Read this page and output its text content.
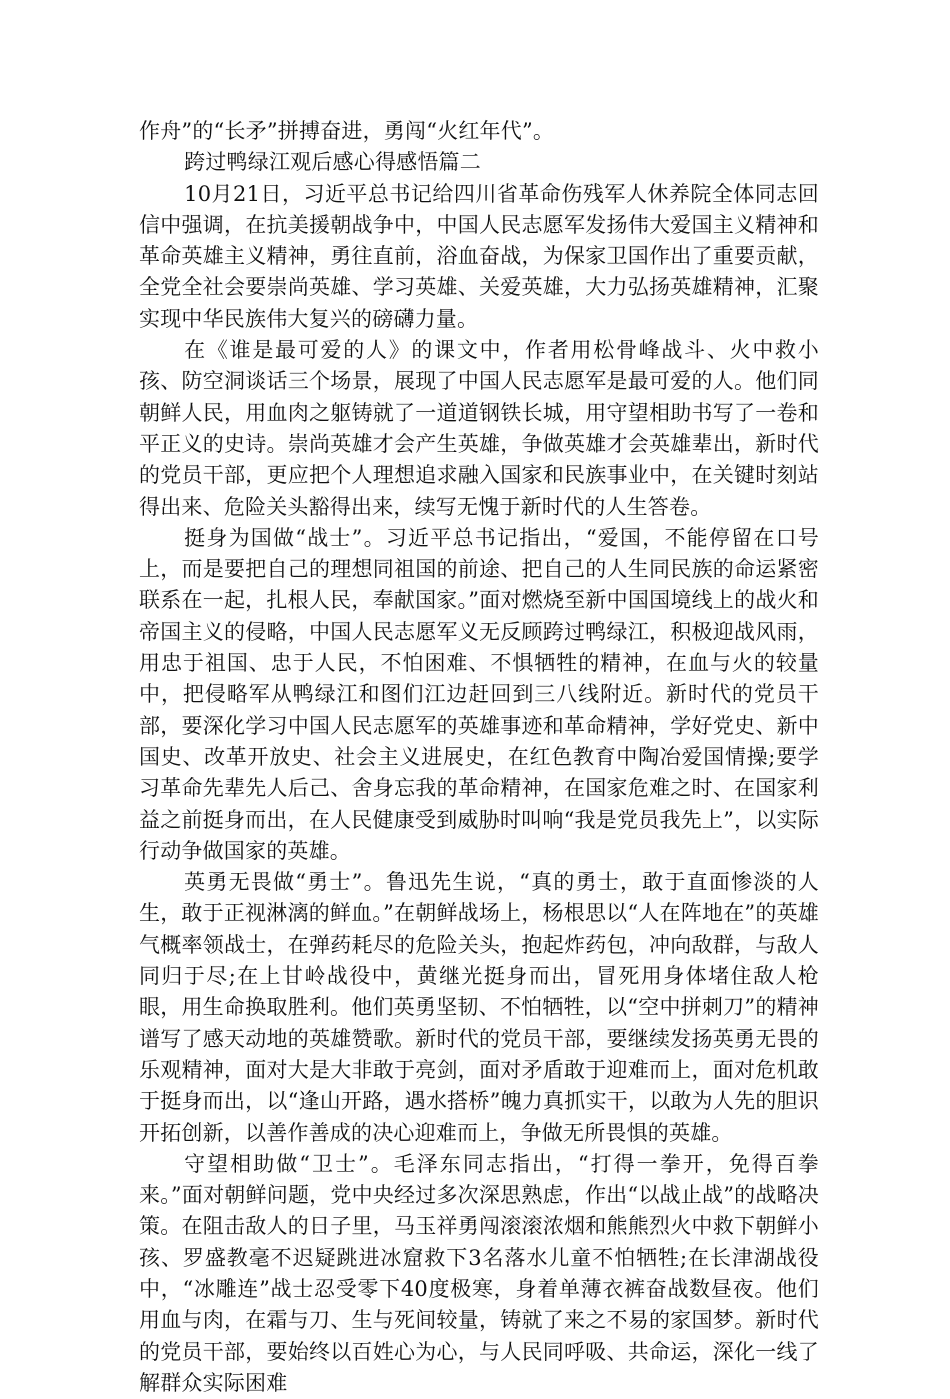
作舟”的“长矛”拼搏奋进，勇闯“火红年代”。

跨过鸭绿江观后感心得感悟篇二

10月21日，习近平总书记给四川省革命伤残军人休养院全体同志回信中强调，在抗美援朝战争中，中国人民志愿军发扬伟大爱国主义精神和革命英雄主义精神，勇往直前，浴血奋战，为保家卫国作出了重要贡献，全党全社会要崇尚英雄、学习英雄、关爱英雄，大力弘扬英雄精神，汇聚实现中华民族伟大复兴的磅礴力量。

在《谁是最可爱的人》的课文中，作者用松骨峰战斗、火中救小孩、防空洞谈话三个场景，展现了中国人民志愿军是最可爱的人。他们同朝鲜人民，用血肉之躯铸就了一道道钢铁长城，用守望相助书写了一卷和平正义的史诗。崇尚英雄才会产生英雄，争做英雄才会英雄辈出，新时代的党员干部，更应把个人理想追求融入国家和民族事业中，在关键时刻站得出来、危险关头豁得出来，续写无愧于新时代的人生答卷。

挺身为国做“战士”。习近平总书记指出，“爱国，不能停留在口号上，而是要把自己的理想同祖国的前途、把自己的人生同民族的命运紧密联系在一起，扎根人民，奉献国家。”面对燃烧至新中国国境线上的战火和帝国主义的侵略，中国人民志愿军义无反顾跨过鸭绿江，积极迎战风雨，用忠于祖国、忠于人民，不怕困难、不惧牺牲的精神，在血与火的较量中，把侵略军从鸭绿江和图们江边赶回到三八线附近。新时代的党员干部，要深化学习中国人民志愿军的英雄事迹和革命精神，学好党史、新中国史、改革开放史、社会主义进展史，在红色教育中陶冶爱国情操;要学习革命先辈先人后己、舍身忘我的革命精神，在国家危难之时、在国家利益之前挺身而出，在人民健康受到威胁时叫响“我是党员我先上”，以实际行动争做国家的英雄。

英勇无畏做“勇士”。鲁迅先生说，“真的勇士，敢于直面惨淡的人生，敢于正视淋漓的鲜血。”在朝鲜战场上，杨根思以“人在阵地在”的英雄气概率领战士，在弹药耗尽的危险关头，抱起炸药包，冲向敌群，与敌人同归于尽;在上甘岭战役中，黄继光挺身而出，冒死用身体堵住敌人枪眼，用生命换取胜利。他们英勇坚韧、不怕牺牲，以“空中拼刺刀”的精神谱写了感天动地的英雄赞歌。新时代的党员干部，要继续发扬英勇无畏的乐观精神，面对大是大非敢于亮剑，面对矛盾敢于迎难而上，面对危机敢于挺身而出，以“逢山开路，遇水搭桥”魄力真抓实干，以敢为人先的胆识开拓创新，以善作善成的决心迎难而上，争做无所畏惧的英雄。

守望相助做“卫士”。毛泽东同志指出，“打得一拳开，免得百拳来。”面对朝鲜问题，党中央经过多次深思熟虑，作出“以战止战”的战略决策。在阻击敌人的日子里，马玉祥勇闯滚滚浓烟和熊熊烈火中救下朝鲜小孩、罗盛教毫不迟疑跳进冰窟救下3名落水儿童不怕牺牲;在长津湖战役中，“冰雕连”战士忍受零下40度极寒，身着单薄衣裤奋战数昼夜。他们用血与肉，在霜与刀、生与死间较量，铸就了来之不易的家国梦。新时代的党员干部，要始终以百姓心为心，与人民同呼吸、共命运，深化一线了解群众实际困难
